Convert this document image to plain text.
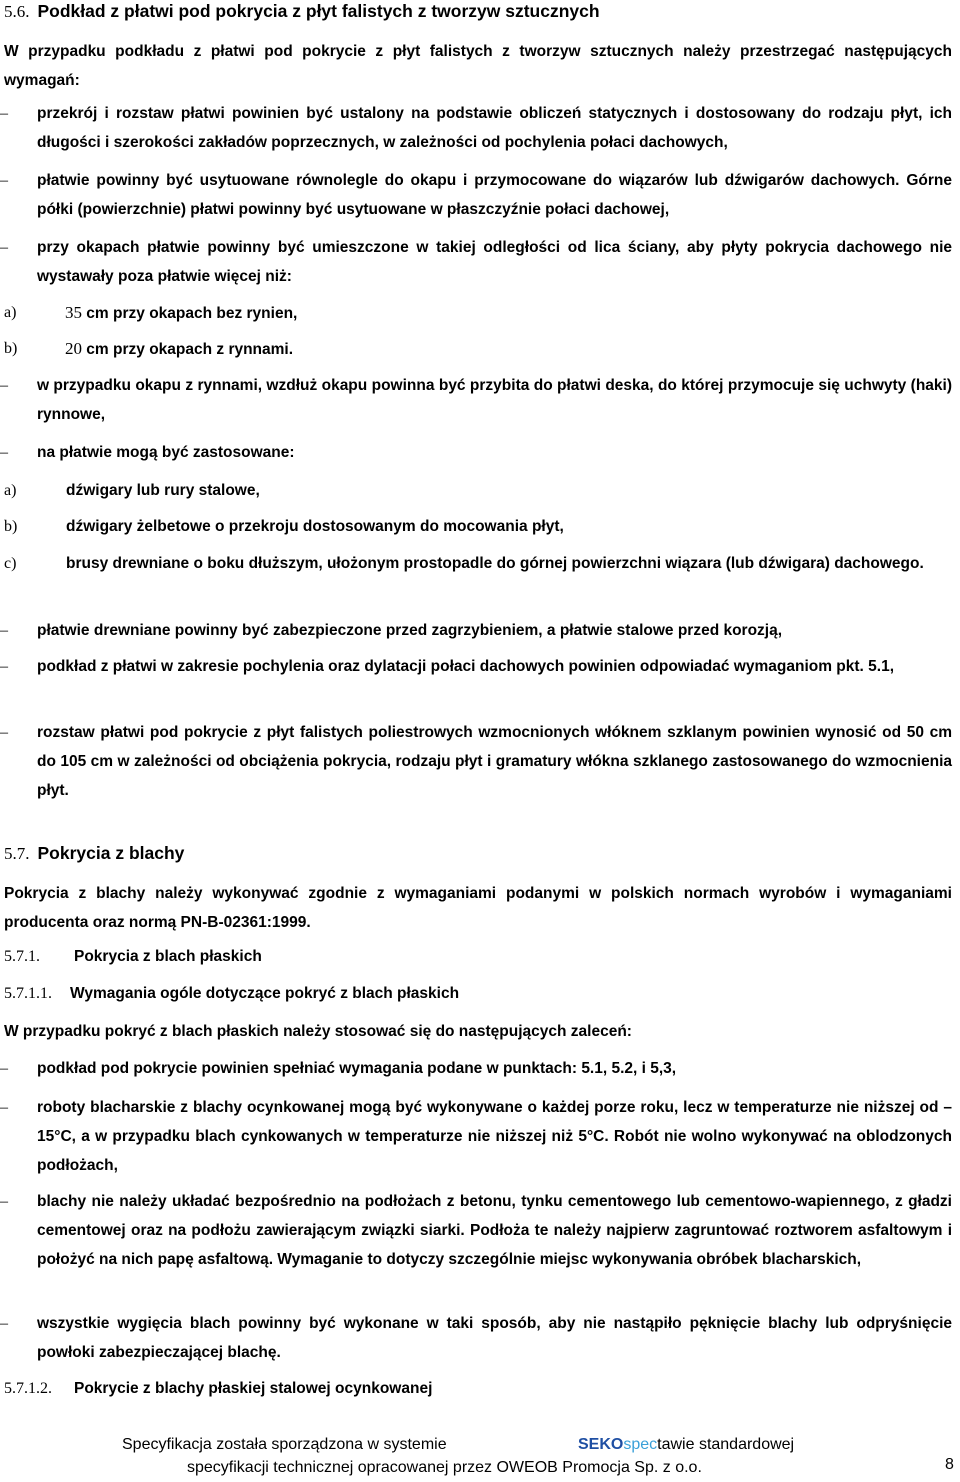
5.6. Podkład z płatwi pod pokrycia z płyt falistych z tworzyw sztucznych
W przypadku podkładu z płatwi pod pokrycie z płyt falistych z tworzyw sztucznych należy przestrzegać następujących wymagań:
–	przekrój i rozstaw płatwi powinien być ustalony na podstawie obliczeń statycznych i dostosowany do rodzaju płyt, ich długości i szerokości zakładów poprzecznych, w zależności od pochylenia połaci dachowych,
–	płatwie powinny być usytuowane równolegle do okapu i przymocowane do wiązarów lub dźwigarów dachowych. Górne półki (powierzchnie) płatwi powinny być usytuowane w płaszczyźnie połaci dachowej,
–	przy okapach płatwie powinny być umieszczone w takiej odległości od lica ściany, aby płyty pokrycia dachowego nie wystawały poza płatwie więcej niż:
a)	35 cm przy okapach bez rynien,
b)	20 cm przy okapach z rynnami.
–	w przypadku okapu z rynnami, wzdłuż okapu powinna być przybita do płatwi deska, do której przymocuje się uchwyty (haki) rynnowe,
–	na płatwie mogą być zastosowane:
a)	dźwigary lub rury stalowe,
b)	dźwigary żelbetowe o przekroju dostosowanym do mocowania płyt,
c)	brusy drewniane o boku dłuższym, ułożonym prostopadle do górnej powierzchni wiązara (lub dźwigara) dachowego.
–	płatwie drewniane powinny być zabezpieczone przed zagrzybieniem, a płatwie stalowe przed korozją,
–	podkład z płatwi w zakresie pochylenia oraz dylatacji połaci dachowych powinien odpowiadać wymaganiom pkt. 5.1,
–	rozstaw płatwi pod pokrycie z płyt falistych poliestrowych wzmocnionych włóknem szklanym powinien wynosić od 50 cm do 105 cm w zależności od obciążenia pokrycia, rodzaju płyt i gramatury włókna szklanego zastosowanego do wzmocnienia płyt.
5.7. Pokrycia z blachy
Pokrycia z blachy należy wykonywać zgodnie z wymaganiami podanymi w polskich normach wyrobów i wymaganiami producenta oraz normą PN-B-02361:1999.
5.7.1. Pokrycia z blach płaskich
5.7.1.1. Wymagania ogóle dotyczące pokryć z blach płaskich
W przypadku pokryć z blach płaskich należy stosować się do następujących zaleceń:
–	podkład pod pokrycie powinien spełniać wymagania podane w punktach: 5.1, 5.2, i 5,3,
–	roboty blacharskie z blachy ocynkowanej mogą być wykonywane o każdej porze roku, lecz w temperaturze nie niższej od –15°C, a w przypadku blach cynkowanych w temperaturze nie niższej niż 5°C. Robót nie wolno wykonywać na oblodzonych podłożach,
–	blachy nie należy układać bezpośrednio na podłożach z betonu, tynku cementowego lub cementowo-wapiennego, z gładzi cementowej oraz na podłożu zawierającym związki siarki. Podłoża te należy najpierw zagruntować roztworem asfaltowym i położyć na nich papę asfaltową. Wymaganie to dotyczy szczególnie miejsc wykonywania obróbek blacharskich,
–	wszystkie wygięcia blach powinny być wykonane w taki sposób, aby nie nastąpiło pęknięcie blachy lub odpryśnięcie powłoki zabezpieczającej blachę.
5.7.1.2. Pokrycie z blachy płaskiej stalowej ocynkowanej
Specyfikacja została sporządzona w systemie	SEKOspectawie standardowej
specyfikacji technicznej opracowanej przez OWEOB Promocja Sp. z o.o.	8
